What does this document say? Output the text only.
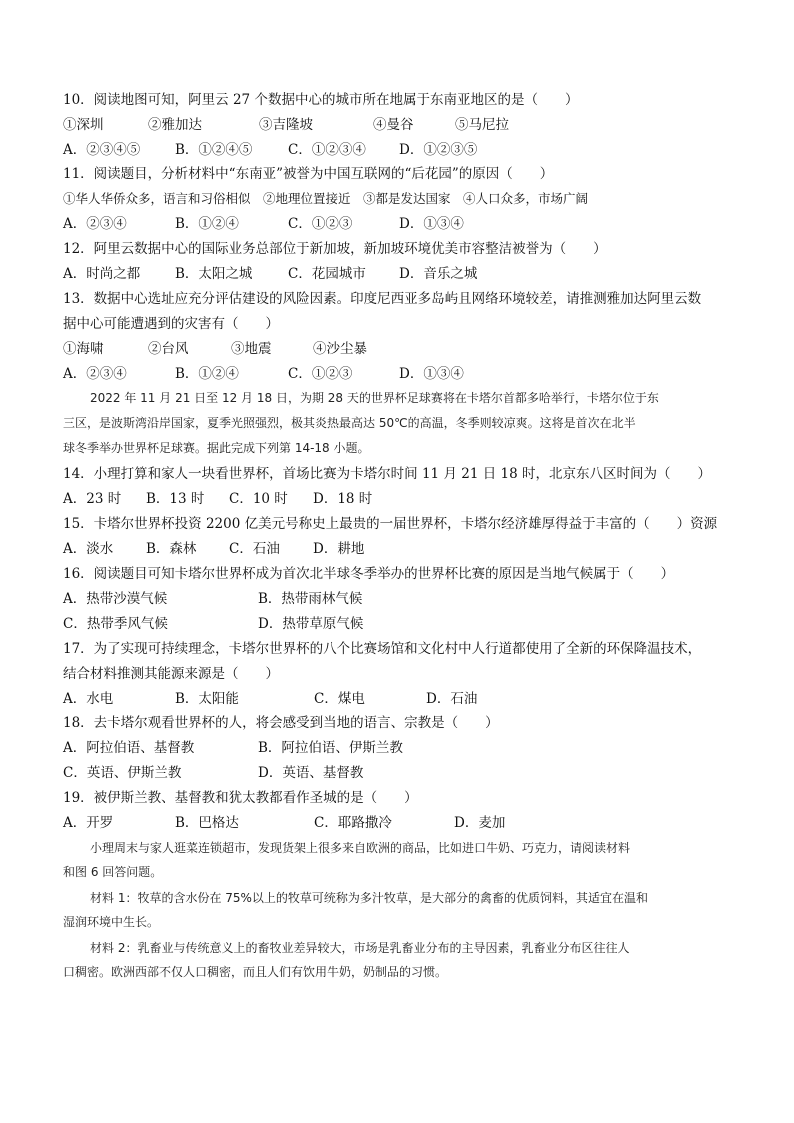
10．阅读地图可知，阿里云 27 个数据中心的城市所在地属于东南亚地区的是（　　）
①深圳	②雅加达	③吉隆坡	④曼谷	⑤马尼拉
A．②③④⑤	B．①②④⑤	C．①②③④ D．①②③⑤
11．阅读题目，分析材料中“东南亚”被誉为中国互联网的“后花园”的原因（　　）
①华人华侨众多，语言和习俗相似　②地理位置接近　③都是发达国家　④人口众多，市场广阔
A．②③④	B．①②④	C．①②③	D．①③④
12．阿里云数据中心的国际业务总部位于新加坡，新加坡环境优美市容整洁被誉为（　　）
A．时尚之都	B．太阳之城	C．花园城市 D．音乐之城
13．数据中心选址应充分评估建设的风险因素。印度尼西亚多岛屿且网络环境较差，请推测雅加达阿里云数
据中心可能遭遇到的灾害有（　　）
①海啸	②台风	③地震	④沙尘暴
A．②③④	B．①②④	C．①②③	D．①③④
2022 年 11 月 21 日至 12 月 18 日，为期 28 天的世界杯足球赛将在卡塔尔首都多哈举行，卡塔尔位于东
三区，是波斯湾沿岸国家，夏季光照强烈，极其炎热最高达 50℃的高温，冬季则较凉爽。这将是首次在北半
球冬季举办世界杯足球赛。据此完成下列第 14-18 小题。
14．小理打算和家人一块看世界杯，首场比赛为卡塔尔时间 11 月 21 日 18 时，北京东八区时间为（　　）
A．23 时 B．13 时 C．10 时 D．18 时
15．卡塔尔世界杯投资 2200 亿美元号称史上最贵的一届世界杯，卡塔尔经济雄厚得益于丰富的（　　）资源
A．淡水 B．森林 C．石油 D．耕地
16．阅读题目可知卡塔尔世界杯成为首次北半球冬季举办的世界杯比赛的原因是当地气候属于（　　）
A．热带沙漠气候	B．热带雨林气候
C．热带季风气候	D．热带草原气候
17．为了实现可持续理念，卡塔尔世界杯的八个比赛场馆和文化村中人行道都使用了全新的环保降温技术，
结合材料推测其能源来源是（　　）
A．水电	B．太阳能	C．煤电	D．石油
18．去卡塔尔观看世界杯的人，将会感受到当地的语言、宗教是（　　）
A．阿拉伯语、基督教	B．阿拉伯语、伊斯兰教
C．英语、伊斯兰教	D．英语、基督教
19．被伊斯兰教、基督教和犹太教都看作圣城的是（　　）
A．开罗	B．巴格达	C．耶路撒冷	D．麦加
小理周末与家人逛菜连锁超市，发现货架上很多来自欧洲的商品，比如进口牛奶、巧克力，请阅读材料
和图 6 回答问题。
材料 1：牧草的含水份在 75%以上的牧草可统称为多汁牧草，是大部分的禽畜的优质饲料，其适宜在温和
湿润环境中生长。
材料 2：乳畜业与传统意义上的畜牧业差异较大，市场是乳畜业分布的主导因素，乳畜业分布区往往人
口稠密。欧洲西部不仅人口稠密，而且人们有饮用牛奶，奶制品的习惯。
